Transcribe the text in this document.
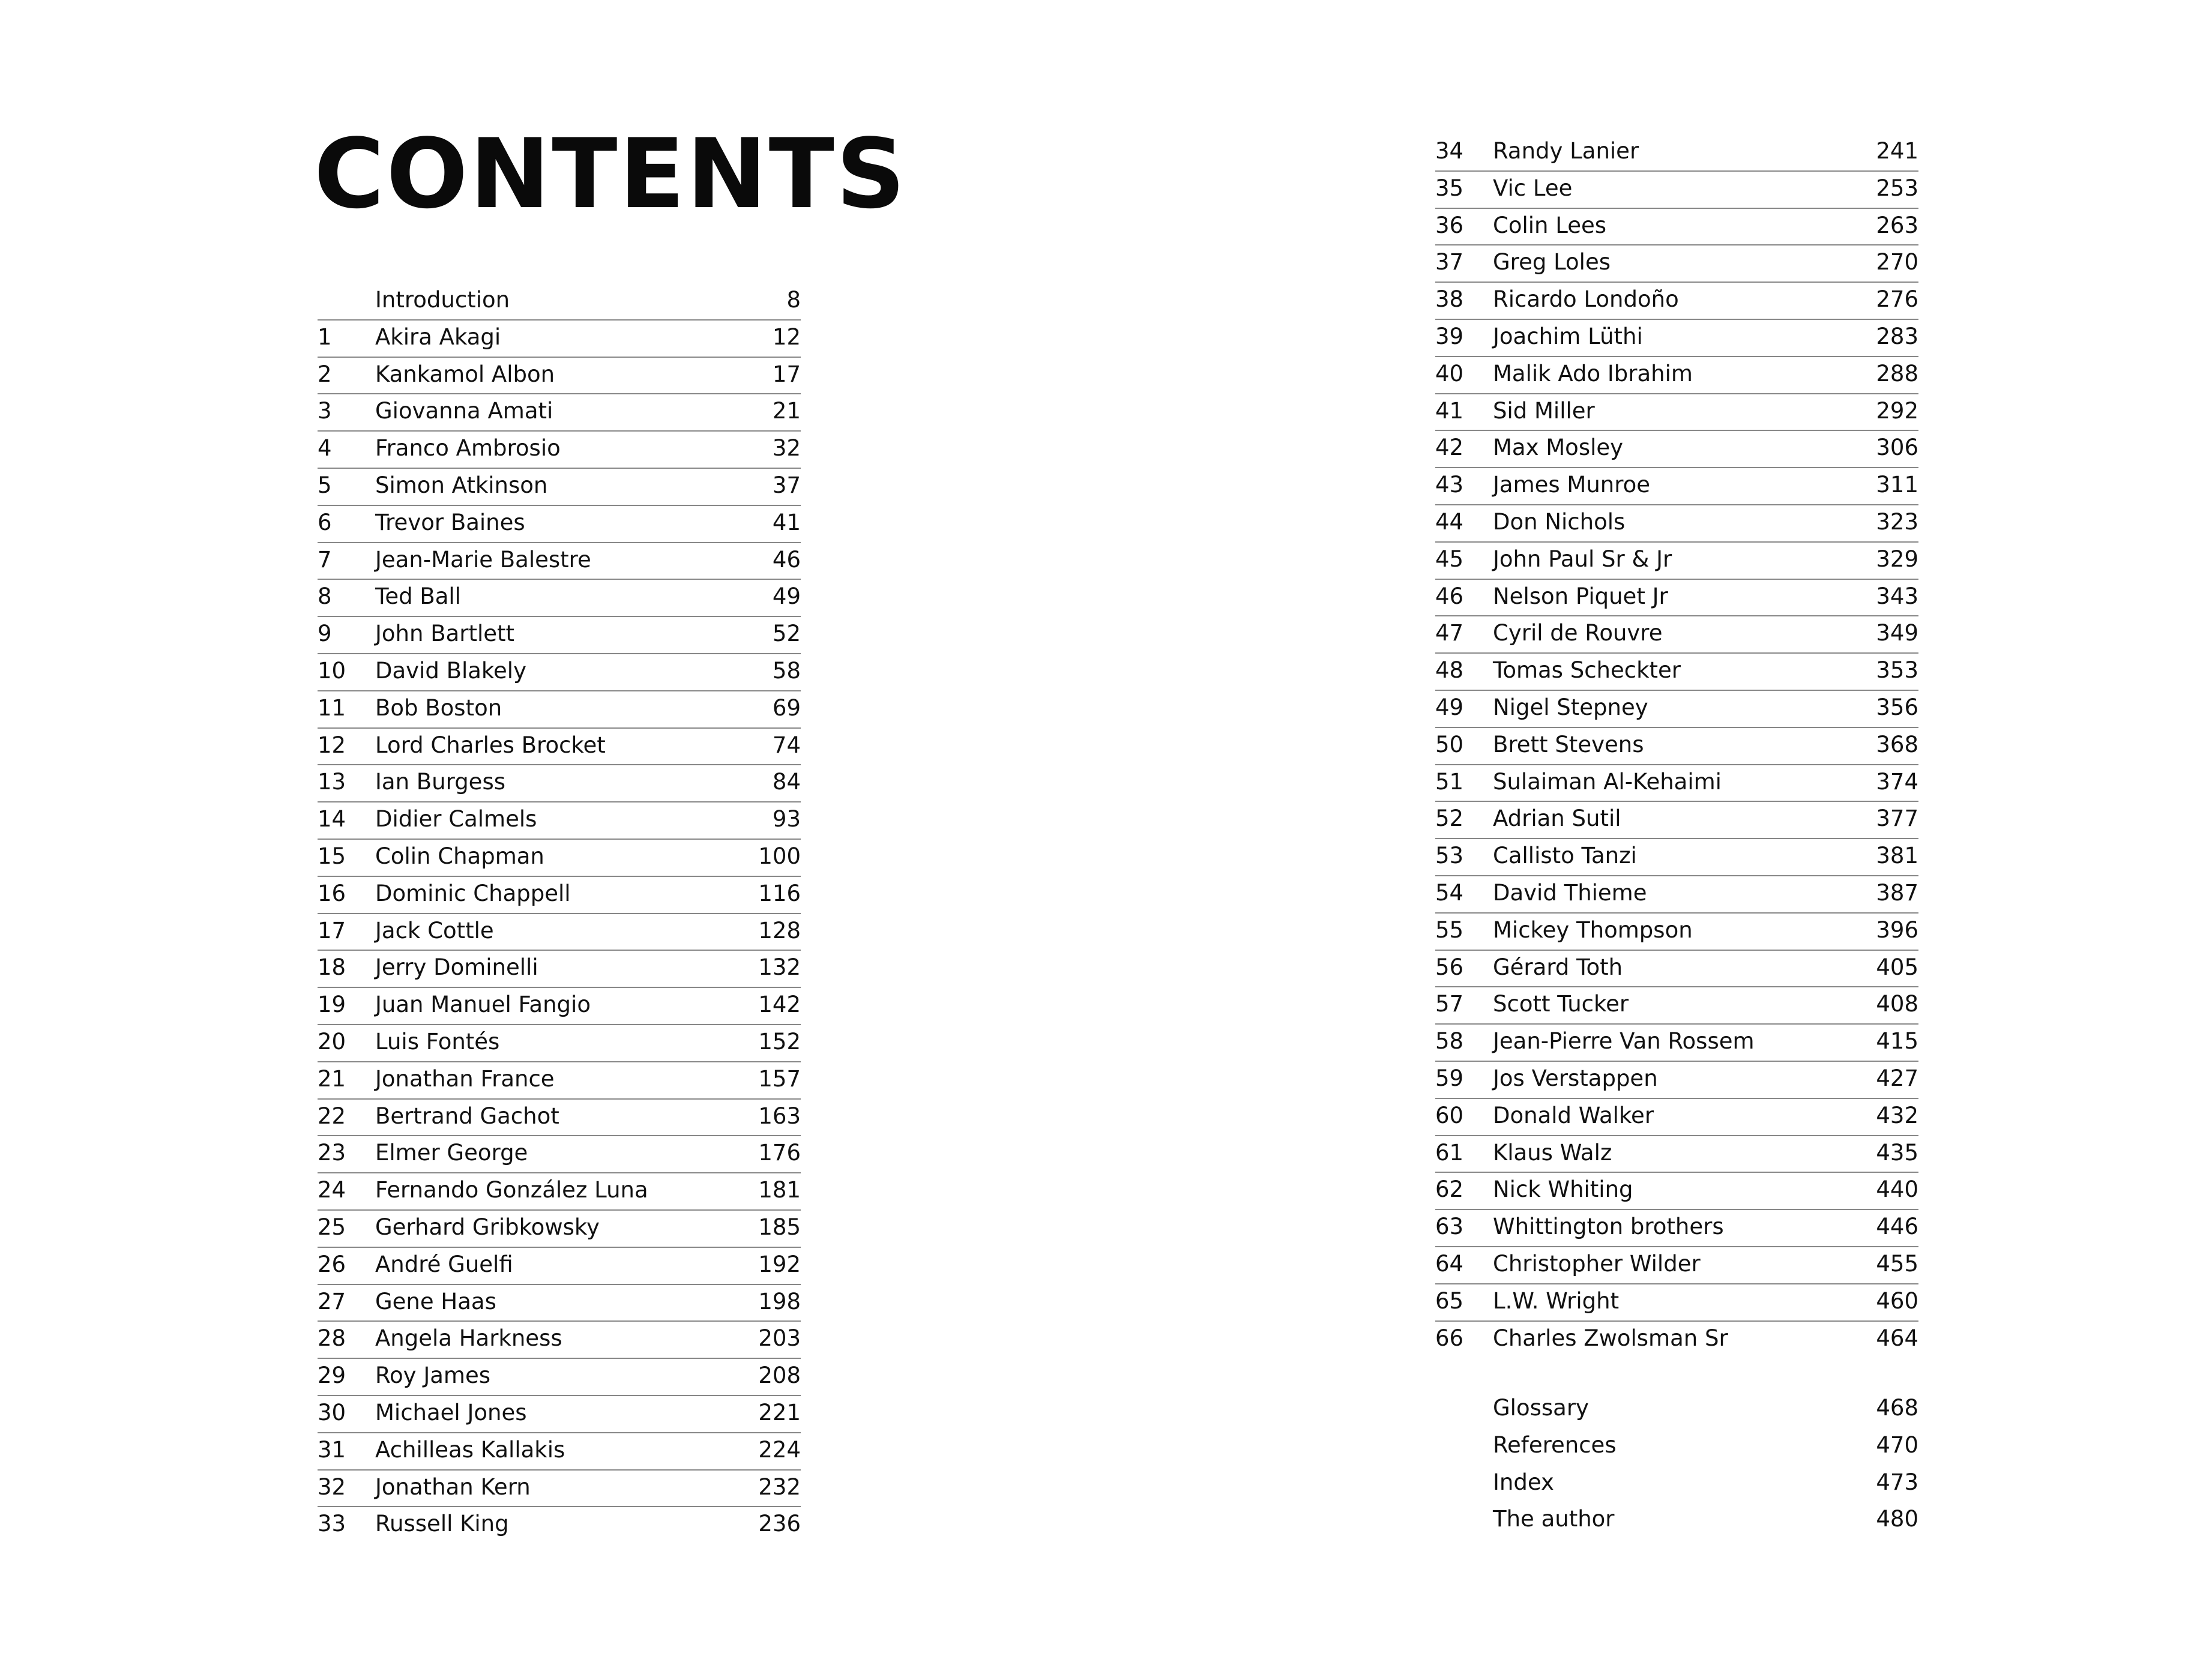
CONTENTS
Introduction	8
1 Akira Akagi	12
2 Kankamol Albon	17
3 Giovanna Amati	21
4 Franco Ambrosio	32
5 Simon Atkinson	37
6 Trevor Baines	41
7 Jean-Marie Balestre	46
8 Ted Ball	49
9 John Bartlett	52
10 David Blakely	58
11 Bob Boston	69
12 Lord Charles Brocket	74
13 Ian Burgess	84
14 Didier Calmels	93
15 Colin Chapman	100
16 Dominic Chappell	116
17 Jack Cottle	128
18 Jerry Dominelli	132
19 Juan Manuel Fangio	142
20 Luis Fontés	152
21 Jonathan France	157
22 Bertrand Gachot	163
23 Elmer George	176
24 Fernando González Luna	181
25 Gerhard Gribkowsky	185
26 André Guelfi	192
27 Gene Haas	198
28 Angela Harkness	203
29 Roy James	208
30 Michael Jones	221
31 Achilleas Kallakis	224
32 Jonathan Kern	232
33 Russell King	236
34 Randy Lanier	241
35 Vic Lee	253
36 Colin Lees	263
37 Greg Loles	270
38 Ricardo Londoño	276
39 Joachim Lüthi	283
40 Malik Ado Ibrahim	288
41 Sid Miller	292
42 Max Mosley	306
43 James Munroe	311
44 Don Nichols	323
45 John Paul Sr & Jr	329
46 Nelson Piquet Jr	343
47 Cyril de Rouvre	349
48 Tomas Scheckter	353
49 Nigel Stepney	356
50 Brett Stevens	368
51 Sulaiman Al-Kehaimi	374
52 Adrian Sutil	377
53 Callisto Tanzi	381
54 David Thieme	387
55 Mickey Thompson	396
56 Gérard Toth	405
57 Scott Tucker	408
58 Jean-Pierre Van Rossem	415
59 Jos Verstappen	427
60 Donald Walker	432
61 Klaus Walz	435
62 Nick Whiting	440
63 Whittington brothers	446
64 Christopher Wilder	455
65 L.W. Wright	460
66 Charles Zwolsman Sr	464
Glossary	468
References	470
Index	473
The author	480
